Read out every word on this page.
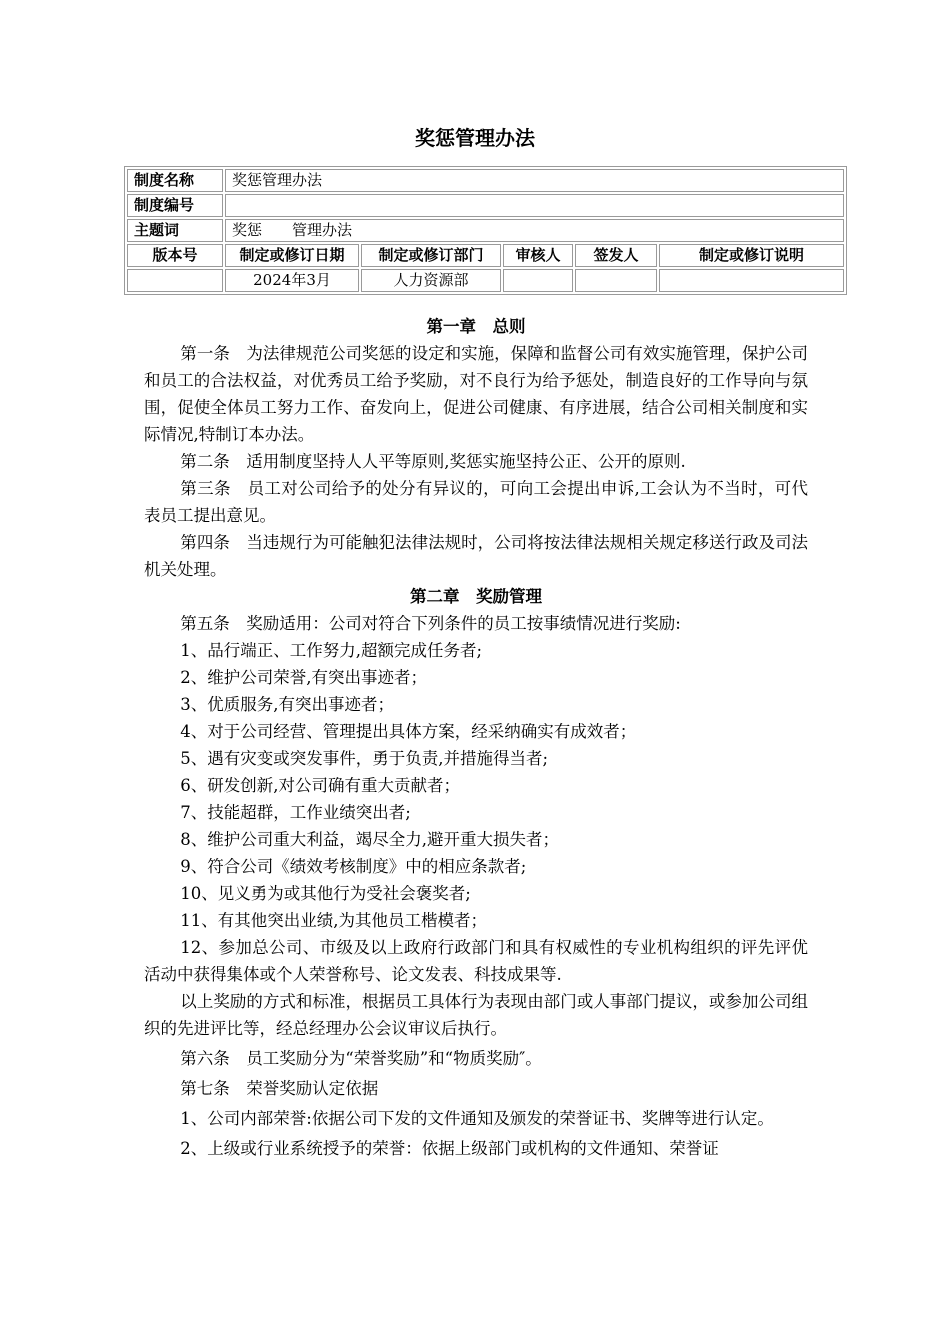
奖惩管理办法
制度名称	奖惩管理办法				
制度编号					
主题词	奖惩　　管理办法				
版本号	制定或修订日期	制定或修订部门	审核人	签发人	制定或修订说明
	2024年3月	人力资源部			

第一章　总则

第一条　为法律规范公司奖惩的设定和实施，保障和监督公司有效实施管理，保护公司和员工的合法权益，对优秀员工给予奖励，对不良行为给予惩处，制造良好的工作导向与氛围，促使全体员工努力工作、奋发向上，促进公司健康、有序进展，结合公司相关制度和实际情况,特制订本办法。

第二条　适用制度坚持人人平等原则,奖惩实施坚持公正、公开的原则.

第三条　员工对公司给予的处分有异议的，可向工会提出申诉,工会认为不当时，可代表员工提出意见。

第四条　当违规行为可能触犯法律法规时，公司将按法律法规相关规定移送行政及司法机关处理。

第二章　奖励管理

第五条　奖励适用：公司对符合下列条件的员工按事绩情况进行奖励:

1、品行端正、工作努力,超额完成任务者;

2、维护公司荣誉,有突出事迹者；

3、优质服务,有突出事迹者；

4、对于公司经营、管理提出具体方案，经采纳确实有成效者；

5、遇有灾变或突发事件，勇于负责,并措施得当者;

6、研发创新,对公司确有重大贡献者；

7、技能超群，工作业绩突出者;

8、维护公司重大利益，竭尽全力,避开重大损失者；

9、符合公司《绩效考核制度》中的相应条款者;

10、见义勇为或其他行为受社会褒奖者;

11、有其他突出业绩,为其他员工楷模者；

12、参加总公司、市级及以上政府行政部门和具有权威性的专业机构组织的评先评优活动中获得集体或个人荣誉称号、论文发表、科技成果等.

以上奖励的方式和标准，根据员工具体行为表现由部门或人事部门提议，或参加公司组织的先进评比等，经总经理办公会议审议后执行。

第六条　员工奖励分为“荣誉奖励”和“物质奖励″。

第七条　荣誉奖励认定依据

1、公司内部荣誉:依据公司下发的文件通知及颁发的荣誉证书、奖牌等进行认定。

2、上级或行业系统授予的荣誉：依据上级部门或机构的文件通知、荣誉证
